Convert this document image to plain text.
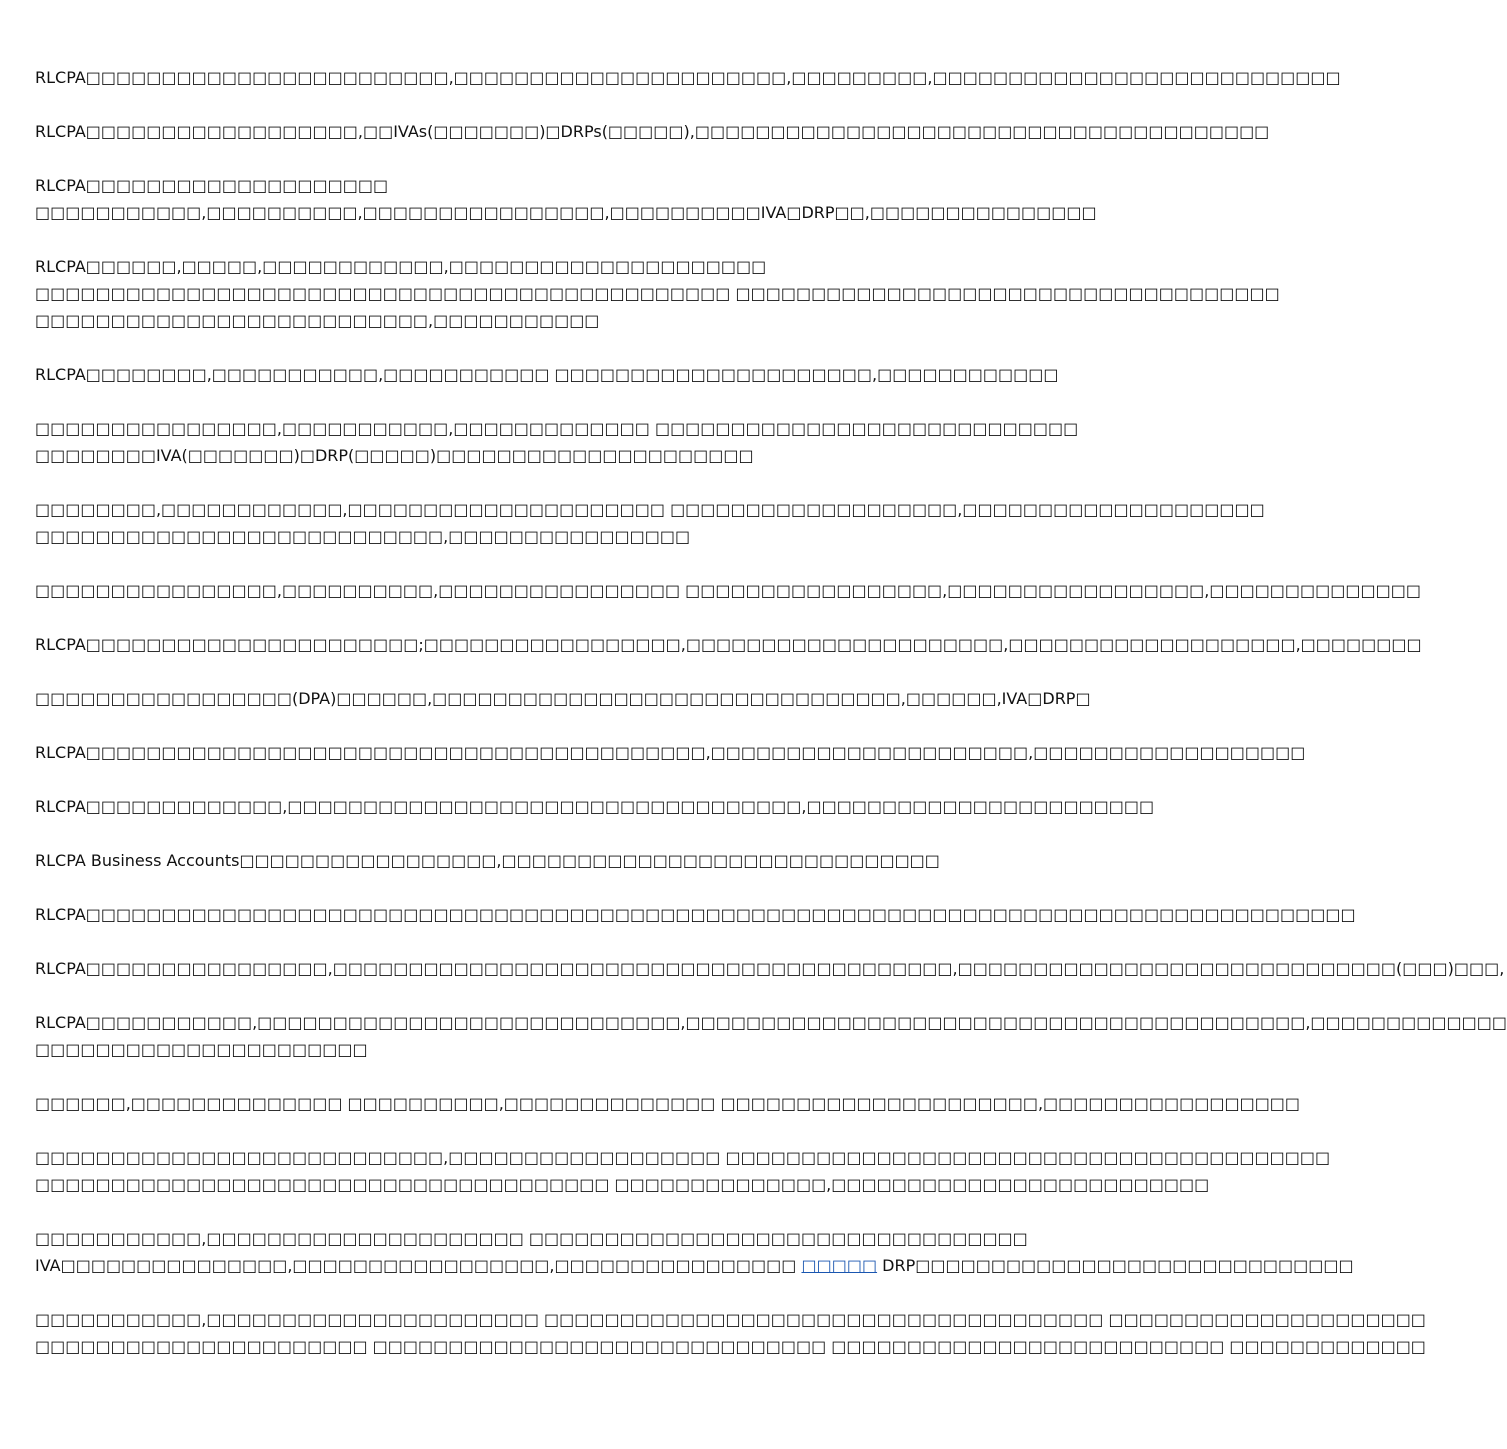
RLCPA□□□□□□□□□□□□□□□□□□□□□□□□,□□□□□□□□□□□□□□□□□□□□□□,□□□□□□□□□,□□□□□□□□□□□□□□□□□□□□□□□□□□□

RLCPA□□□□□□□□□□□□□□□□□□,□□IVAs(□□□□□□□)□DRPs(□□□□□),□□□□□□□□□□□□□□□□□□□□□□□□□□□□□□□□□□□□□□

RLCPA□□□□□□□□□□□□□□□□□□□□
□□□□□□□□□□□,□□□□□□□□□□,□□□□□□□□□□□□□□□□,□□□□□□□□□□IVA□DRP□□,□□□□□□□□□□□□□□□

RLCPA□□□□□□,□□□□□,□□□□□□□□□□□□,□□□□□□□□□□□□□□□□□□□□□
□□□□□□□□□□□□□□□□□□□□□□□□□□□□□□□□□□□□□□□□□□□□□□ □□□□□□□□□□□□□□□□□□□□□□□□□□□□□□□□□□□□
□□□□□□□□□□□□□□□□□□□□□□□□□□,□□□□□□□□□□□

RLCPA□□□□□□□□,□□□□□□□□□□□,□□□□□□□□□□□ □□□□□□□□□□□□□□□□□□□□□,□□□□□□□□□□□□

□□□□□□□□□□□□□□□□,□□□□□□□□□□□,□□□□□□□□□□□□□ □□□□□□□□□□□□□□□□□□□□□□□□□□□□
□□□□□□□□IVA(□□□□□□□)□DRP(□□□□□)□□□□□□□□□□□□□□□□□□□□□

□□□□□□□□,□□□□□□□□□□□□,□□□□□□□□□□□□□□□□□□□□□ □□□□□□□□□□□□□□□□□□□,□□□□□□□□□□□□□□□□□□□□
□□□□□□□□□□□□□□□□□□□□□□□□□□□,□□□□□□□□□□□□□□□□

□□□□□□□□□□□□□□□□,□□□□□□□□□□,□□□□□□□□□□□□□□□□ □□□□□□□□□□□□□□□□□,□□□□□□□□□□□□□□□□□,□□□□□□□□□□□□□□

RLCPA□□□□□□□□□□□□□□□□□□□□□□;□□□□□□□□□□□□□□□□□,□□□□□□□□□□□□□□□□□□□□□,□□□□□□□□□□□□□□□□□□□,□□□□□□□□

□□□□□□□□□□□□□□□□□(DPA)□□□□□□,□□□□□□□□□□□□□□□□□□□□□□□□□□□□□□□,□□□□□□,IVA□DRP□

RLCPA□□□□□□□□□□□□□□□□□□□□□□□□□□□□□□□□□□□□□□□□□,□□□□□□□□□□□□□□□□□□□□□,□□□□□□□□□□□□□□□□□□

RLCPA□□□□□□□□□□□□□,□□□□□□□□□□□□□□□□□□□□□□□□□□□□□□□□□□,□□□□□□□□□□□□□□□□□□□□□□□

RLCPA Business Accounts□□□□□□□□□□□□□□□□□,□□□□□□□□□□□□□□□□□□□□□□□□□□□□□

RLCPA□□□□□□□□□□□□□□□□□□□□□□□□□□□□□□□□□□□□□□□□□□□□□□□□□□□□□□□□□□□□□□□□□□□□□□□□□□□□□□□□□□□□

RLCPA□□□□□□□□□□□□□□□□,□□□□□□□□□□□□□□□□□□□□□□□□□□□□□□□□□□□□□□□□□,□□□□□□□□□□□□□□□□□□□□□□□□□□□□□(□□□)□□□,

RLCPA□□□□□□□□□□□,□□□□□□□□□□□□□□□□□□□□□□□□□□□□,□□□□□□□□□□□□□□□□□□□□□□□□□□□□□□□□□□□□□□□□□,□□□□□□□□□□□□□
□□□□□□□□□□□□□□□□□□□□□□

□□□□□□,□□□□□□□□□□□□□□ □□□□□□□□□□,□□□□□□□□□□□□□□ □□□□□□□□□□□□□□□□□□□□□,□□□□□□□□□□□□□□□□□

□□□□□□□□□□□□□□□□□□□□□□□□□□□,□□□□□□□□□□□□□□□□□□ □□□□□□□□□□□□□□□□□□□□□□□□□□□□□□□□□□□□□□□□
□□□□□□□□□□□□□□□□□□□□□□□□□□□□□□□□□□□□□□ □□□□□□□□□□□□□□,□□□□□□□□□□□□□□□□□□□□□□□□□

□□□□□□□□□□□,□□□□□□□□□□□□□□□□□□□□□ □□□□□□□□□□□□□□□□□□□□□□□□□□□□□□□□□
IVA□□□□□□□□□□□□□□□,□□□□□□□□□□□□□□□□□,□□□□□□□□□□□□□□□□ □□□□□ DRP□□□□□□□□□□□□□□□□□□□□□□□□□□□□□

□□□□□□□□□□□,□□□□□□□□□□□□□□□□□□□□□□ □□□□□□□□□□□□□□□□□□□□□□□□□□□□□□□□□□□□□ □□□□□□□□□□□□□□□□□□□□□
□□□□□□□□□□□□□□□□□□□□□□ □□□□□□□□□□□□□□□□□□□□□□□□□□□□□□ □□□□□□□□□□□□□□□□□□□□□□□□□□ □□□□□□□□□□□□□
